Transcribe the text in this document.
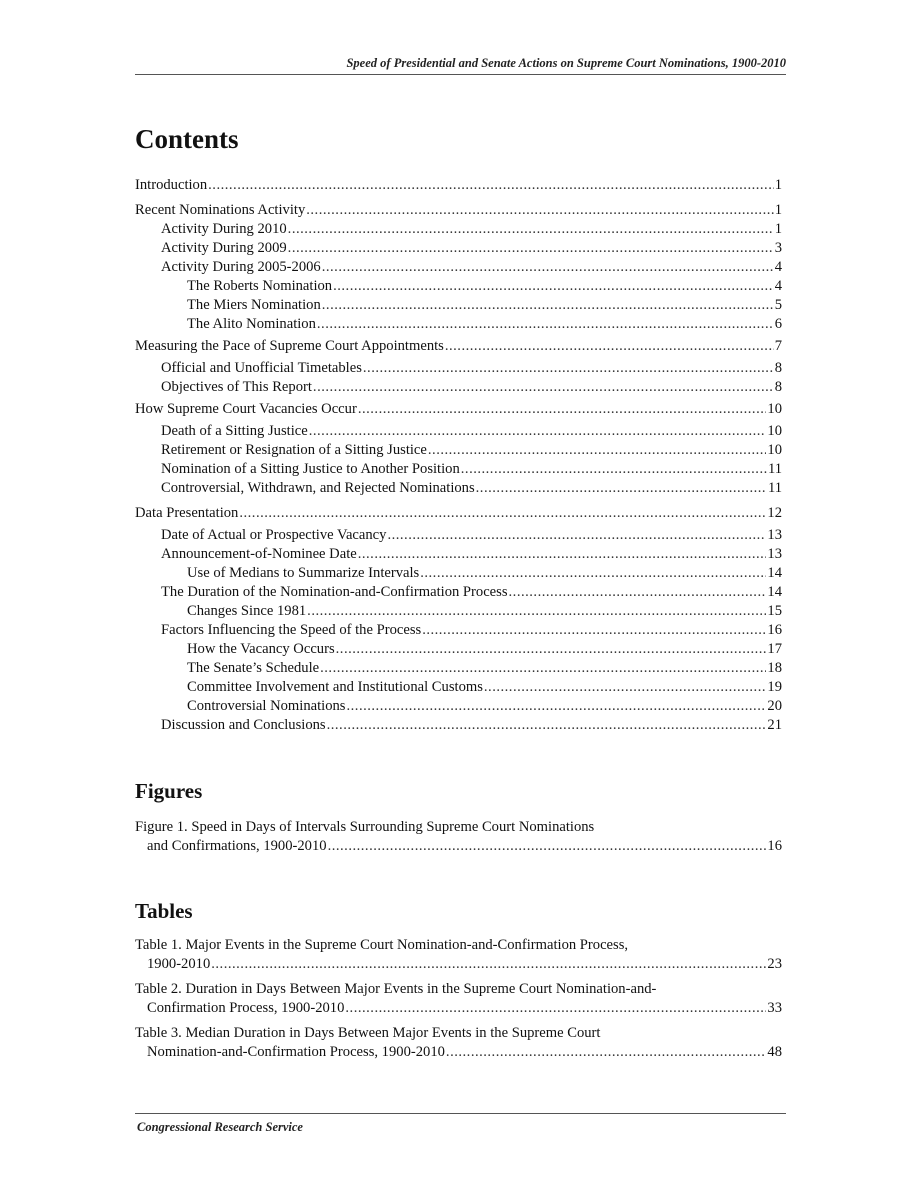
Speed of Presidential and Senate Actions on Supreme Court Nominations, 1900-2010
Contents
Introduction .....	1
Recent Nominations Activity .....	1
Activity During 2010 .....	1
Activity During 2009 .....	3
Activity During 2005-2006 .....	4
The Roberts Nomination .....	4
The Miers Nomination .....	5
The Alito Nomination .....	6
Measuring the Pace of Supreme Court Appointments .....	7
Official and Unofficial Timetables .....	8
Objectives of This Report .....	8
How Supreme Court Vacancies Occur .....	10
Death of a Sitting Justice .....	10
Retirement or Resignation of a Sitting Justice .....	10
Nomination of a Sitting Justice to Another Position .....	11
Controversial, Withdrawn, and Rejected Nominations .....	11
Data Presentation .....	12
Date of Actual or Prospective Vacancy .....	13
Announcement-of-Nominee Date .....	13
Use of Medians to Summarize Intervals .....	14
The Duration of the Nomination-and-Confirmation Process .....	14
Changes Since 1981 .....	15
Factors Influencing the Speed of the Process .....	16
How the Vacancy Occurs .....	17
The Senate’s Schedule .....	18
Committee Involvement and Institutional Customs .....	19
Controversial Nominations .....	20
Discussion and Conclusions .....	21
Figures
Figure 1. Speed in Days of Intervals Surrounding Supreme Court Nominations
and Confirmations, 1900-2010 .....	16
Tables
Table 1. Major Events in the Supreme Court Nomination-and-Confirmation Process,
1900-2010 .....	23
Table 2. Duration in Days Between Major Events in the Supreme Court Nomination-and-
Confirmation Process, 1900-2010 .....	33
Table 3. Median Duration in Days Between Major Events in the Supreme Court
Nomination-and-Confirmation Process, 1900-2010 .....	48
Congressional Research Service
